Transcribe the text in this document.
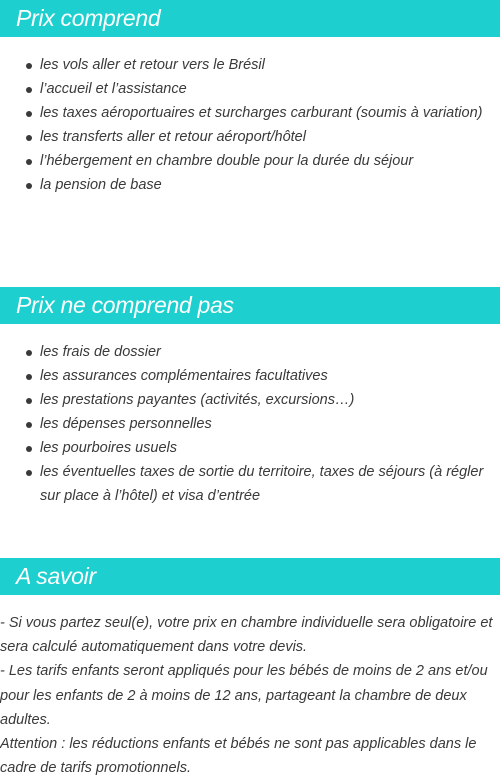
Prix comprend
les vols aller et retour vers le Brésil
l’accueil et l’assistance
les taxes aéroportuaires et surcharges carburant (soumis à variation)
les transferts aller et retour aéroport/hôtel
l’hébergement en chambre double pour la durée du séjour
la pension de base
Prix ne comprend pas
les frais de dossier
les assurances complémentaires facultatives
les prestations payantes (activités, excursions…)
les dépenses personnelles
les pourboires usuels
les éventuelles taxes de sortie du territoire, taxes de séjours (à régler sur place à l’hôtel) et visa d’entrée
A savoir

- Si vous partez seul(e), votre prix en chambre individuelle sera obligatoire et sera calculé automatiquement dans votre devis.

- Les tarifs enfants seront appliqués pour les bébés de moins de 2 ans et/ou pour les enfants de 2 à moins de 12 ans, partageant la chambre de deux adultes.

Attention : les réductions enfants et bébés ne sont pas applicables dans le cadre de tarifs promotionnels.
